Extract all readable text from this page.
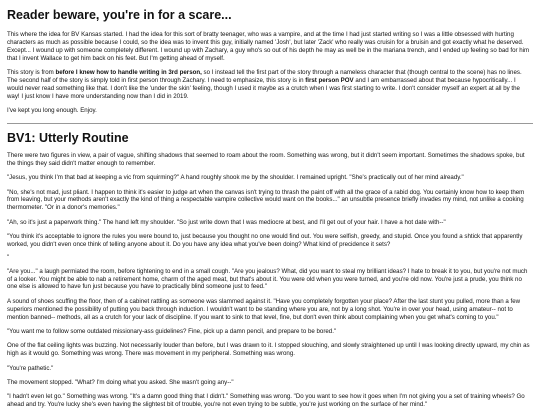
Reader beware, you're in for a scare...

This where the idea for BV Kansas started. I had the idea for this sort of bratty teenager, who was a vampire, and at the time I had just started writing so I was a little obsessed with hurting characters as much as possible because I could, so the idea was to invent this guy, initially named 'Josh', but later 'Zack' who really was cruisin for a bruisin and got exactly what he deserved. Except... I wound up with someone completely different. I wound up with Zachary, a guy who's so out of his depth he may as well be in the mariana trench, and I ended up feeling so bad for him that I invent Wallace to get him back on his feet. But I'm getting ahead of myself.

This story is from before I knew how to handle writing in 3rd person, so I instead tell the first part of the story through a nameless character that (though central to the scene) has no lines. The second half of the story is simply told in first person through Zachary. I need to emphasize, this story is in first person POV and I am embarrassed about that because hypocritically... I would never read something like that. I don't like the 'under the skin' feeling, though I used it maybe as a crutch when I was first starting to write. I don't consider myself an expert at all by the way! I just know I have more understanding now than I did in 2019.

I've kept you long enough. Enjoy.

BV1: Utterly Routine

There were two figures in view, a pair of vague, shifting shadows that seemed to roam about the room. Something was wrong, but it didn't seem important. Sometimes the shadows spoke, but the things they said didn't matter enough to remember.

"Jesus, you think I'm that bad at keeping a vic from squirming?" A hand roughly shook me by the shoulder. I remained upright. "She's practically out of her mind already."

"No, she's not mad, just pliant. I happen to think it's easier to judge art when the canvas isn't trying to thrash the paint off with all the grace of a rabid dog. You certainly know how to keep them from leaving, but your methods aren't exactly the kind of thing a respectable vampire collective would want on the books..." an unsubtle presence briefly invades my mind, not unlike a cooking thermometer. "Or in a donor's memories."

"Ah, so it's just a paperwork thing." The hand left my shoulder. "So just write down that I was mediocre at best, and I'll get out of your hair. I have a hot date with--"

"You think it's acceptable to ignore the rules you were bound to, just because you thought no one would find out. You were selfish, greedy, and stupid. Once you found a shtick that apparently worked, you didn't even once think of telling anyone about it. Do you have any idea what you've been doing? What kind of precidence it sets?

"

"Are you..." a laugh permiated the room, before tightening to end in a small cough. "Are you jealous? What, did you want to steal my brilliant ideas? I hate to break it to you, but you're not much of a looker. You might be able to nab a retirement home, charm of the aged meat, but that's about it. You were old when you were turned, and you're old now. You're just a prude, you think no one else is allowed to have fun just because you have to practically blind someone just to feed."

A sound of shoes scuffing the floor, then of a cabinet rattling as someone was slammed against it. "Have you completely forgotten your place? After the last stunt you pulled, more than a few superiors mentioned the possibility of putting you back through induction. I wouldn't want to be standing where you are, not by a long shot. You're in over your head, using amateur-- not to mention banned-- methods, all as a crutch for your lack of discipline. If you want to sink to that level, fine, but don't even think about complaining when you get what's coming to you."

"You want me to follow some outdated missionary-ass guidelines? Fine, pick up a damn pencil, and prepare to be bored."

One of the flat ceiling lights was buzzing. Not necessarily louder than before, but I was drawn to it. I stopped slouching, and slowly straightened up until I was looking directly upward, my chin as high as it would go. Something was wrong. There was movement in my peripheral. Something was wrong.

"You're pathetic."

The movement stopped. "What? I'm doing what you asked. She wasn't going any--"

"I hadn't even let go." Something was wrong. "It's a damn good thing that I didn't." Something was wrong. "Do you want to see how it goes when I'm not giving you a set of training wheels? Go ahead and try. You're lucky she's even having the slightest bit of trouble, you're not even trying to be subtle, you're just working on the surface of her mind."
